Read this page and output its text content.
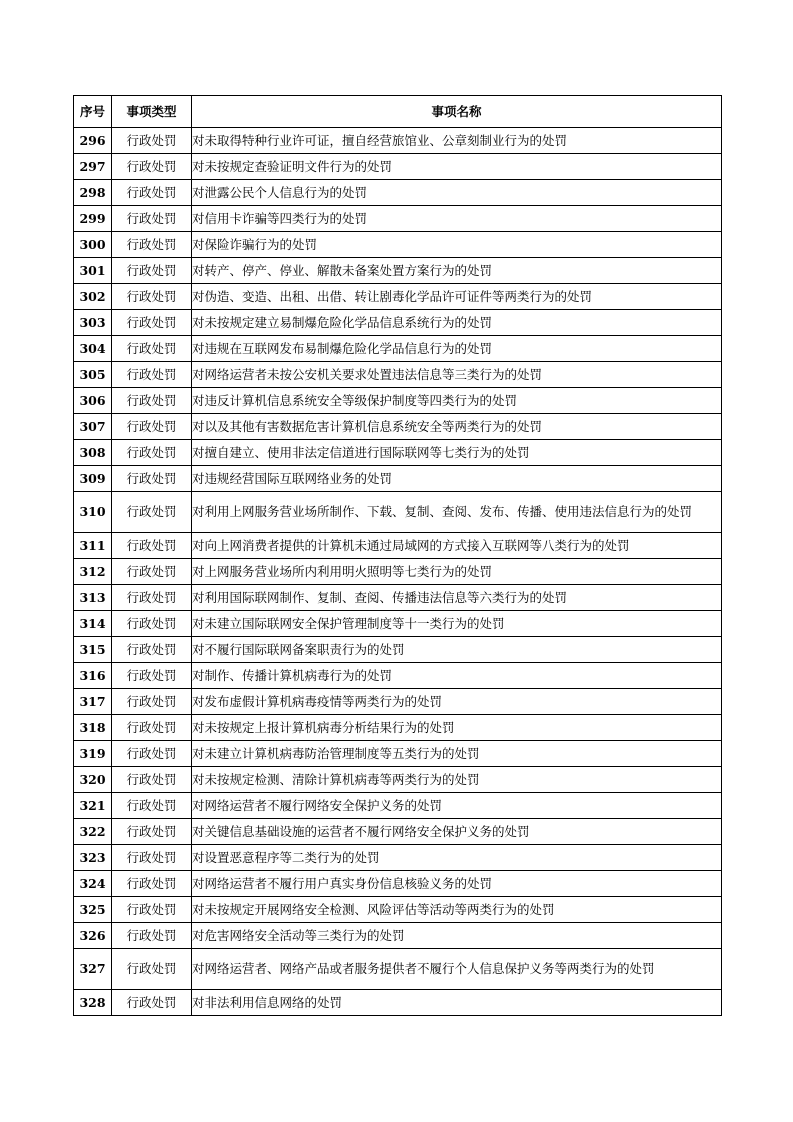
序号	事项类型	事项名称
296	行政处罚	对未取得特种行业许可证，擅自经营旅馆业、公章刻制业行为的处罚
297	行政处罚	对未按规定查验证明文件行为的处罚
298	行政处罚	对泄露公民个人信息行为的处罚
299	行政处罚	对信用卡诈骗等四类行为的处罚
300	行政处罚	对保险诈骗行为的处罚
301	行政处罚	对转产、停产、停业、解散未备案处置方案行为的处罚
302	行政处罚	对伪造、变造、出租、出借、转让剧毒化学品许可证件等两类行为的处罚
303	行政处罚	对未按规定建立易制爆危险化学品信息系统行为的处罚
304	行政处罚	对违规在互联网发布易制爆危险化学品信息行为的处罚
305	行政处罚	对网络运营者未按公安机关要求处置违法信息等三类行为的处罚
306	行政处罚	对违反计算机信息系统安全等级保护制度等四类行为的处罚
307	行政处罚	对以及其他有害数据危害计算机信息系统安全等两类行为的处罚
308	行政处罚	对擅自建立、使用非法定信道进行国际联网等七类行为的处罚
309	行政处罚	对违规经营国际互联网络业务的处罚
310	行政处罚	对利用上网服务营业场所制作、下载、复制、查阅、发布、传播、使用违法信息行为的处罚
311	行政处罚	对向上网消费者提供的计算机未通过局域网的方式接入互联网等八类行为的处罚
312	行政处罚	对上网服务营业场所内利用明火照明等七类行为的处罚
313	行政处罚	对利用国际联网制作、复制、查阅、传播违法信息等六类行为的处罚
314	行政处罚	对未建立国际联网安全保护管理制度等十一类行为的处罚
315	行政处罚	对不履行国际联网备案职责行为的处罚
316	行政处罚	对制作、传播计算机病毒行为的处罚
317	行政处罚	对发布虚假计算机病毒疫情等两类行为的处罚
318	行政处罚	对未按规定上报计算机病毒分析结果行为的处罚
319	行政处罚	对未建立计算机病毒防治管理制度等五类行为的处罚
320	行政处罚	对未按规定检测、清除计算机病毒等两类行为的处罚
321	行政处罚	对网络运营者不履行网络安全保护义务的处罚
322	行政处罚	对关键信息基础设施的运营者不履行网络安全保护义务的处罚
323	行政处罚	对设置恶意程序等二类行为的处罚
324	行政处罚	对网络运营者不履行用户真实身份信息核验义务的处罚
325	行政处罚	对未按规定开展网络安全检测、风险评估等活动等两类行为的处罚
326	行政处罚	对危害网络安全活动等三类行为的处罚
327	行政处罚	对网络运营者、网络产品或者服务提供者不履行个人信息保护义务等两类行为的处罚
328	行政处罚	对非法利用信息网络的处罚
